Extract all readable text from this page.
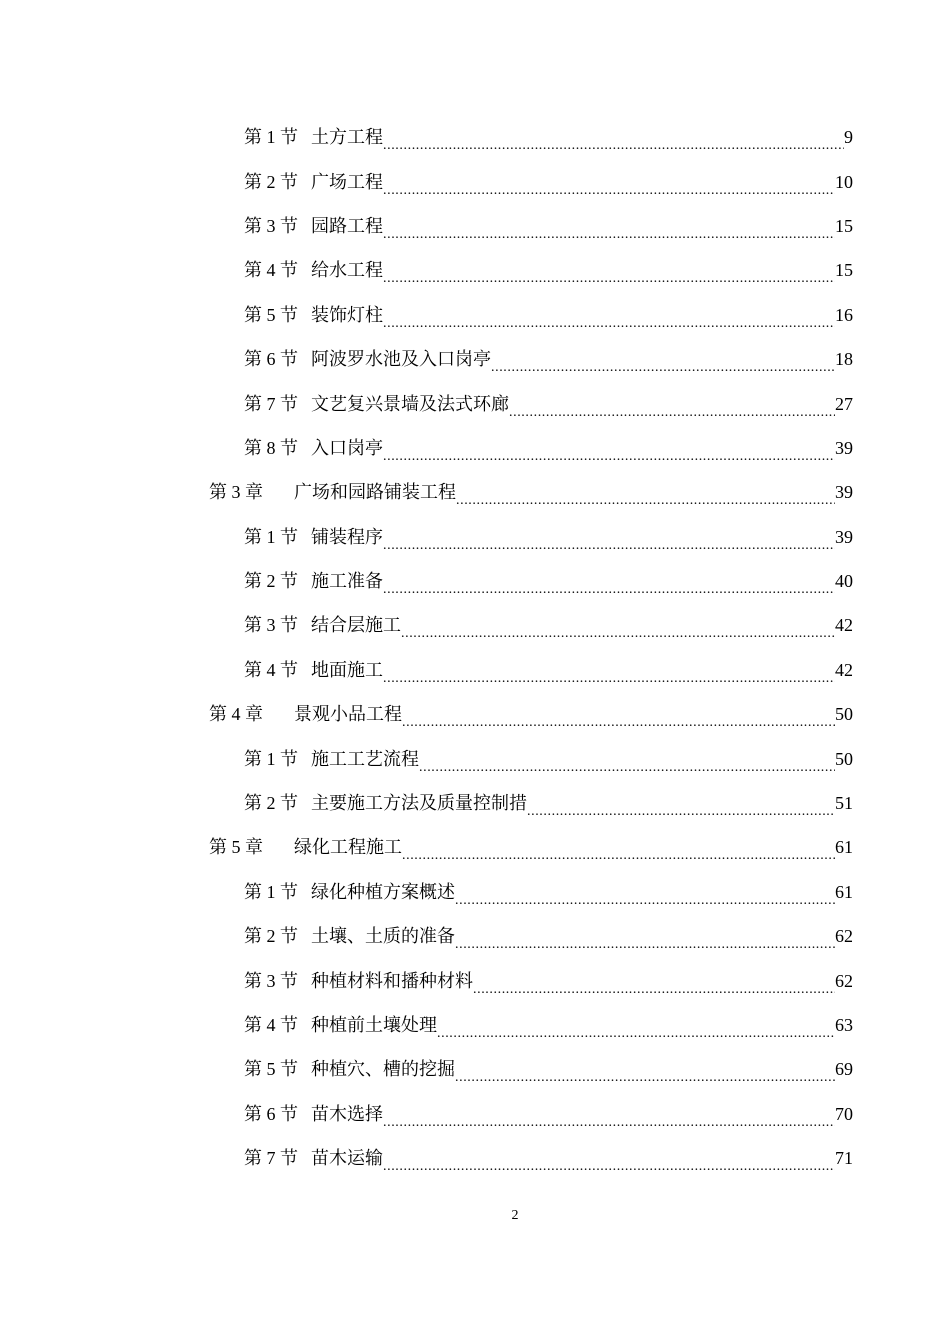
第 1 节 土方工程 .....	9
第 2 节 广场工程 .....	10
第 3 节 园路工程 .....	15
第 4 节 给水工程 .....	15
第 5 节 装饰灯柱 .....	16
第 6 节 阿波罗水池及入口岗亭 .....	18
第 7 节 文艺复兴景墙及法式环廊 .....	27
第 8 节 入口岗亭 .....	39
第 3 章	广场和园路铺装工程 .....	39
第 1 节 铺装程序 .....	39
第 2 节 施工准备 .....	40
第 3 节 结合层施工 .....	42
第 4 节 地面施工 .....	42
第 4 章	景观小品工程 .....	50
第 1 节 施工工艺流程 .....	50
第 2 节 主要施工方法及质量控制措 .....	51
第 5 章	绿化工程施工 .....	61
第 1 节 绿化种植方案概述 .....	61
第 2 节 土壤、土质的准备 .....	62
第 3 节 种植材料和播种材料 .....	62
第 4 节 种植前土壤处理 .....	63
第 5 节 种植穴、槽的挖掘 .....	69
第 6 节 苗木选择 .....	70
第 7 节 苗木运输 .....	71
2
